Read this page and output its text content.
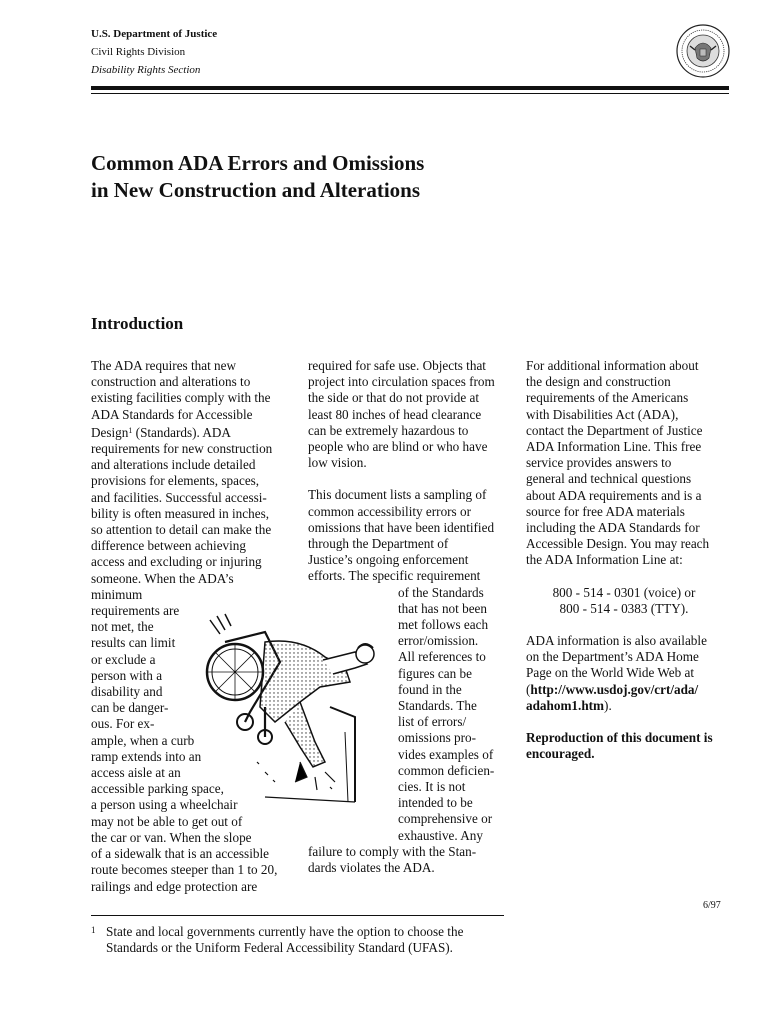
U.S. Department of Justice
Civil Rights Division
Disability Rights Section
Common ADA Errors and Omissions
in New Construction and Alterations
Introduction
The ADA requires that new
construction and alterations to
existing facilities comply with the
ADA Standards for Accessible
Design$^1$ (Standards). ADA
requirements for new construction
and alterations include detailed
provisions for elements, spaces,
and facilities. Successful accessi-
bility is often measured in inches,
so attention to detail can make the
difference between achieving
access and excluding or injuring
someone. When the ADA’s
minimum
requirements are
not met, the
results can limit
or exclude a
person with a
disability and
can be danger-
ous. For ex-
ample, when a curb
ramp extends into an
access aisle at an
accessible parking space,
a person using a wheelchair
may not be able to get out of
the car or van. When the slope
of a sidewalk that is an accessible
route becomes steeper than 1 to 20,
railings and edge protection are
required for safe use. Objects that
project into circulation spaces from
the side or that do not provide at
least 80 inches of head clearance
can be extremely hazardous to
people who are blind or who have
low vision.
This document lists a sampling of
common accessibility errors or
omissions that have been identified
through the Department of
Justice’s ongoing enforcement
efforts. The specific requirement
of the Standards
that has not been
met follows each
error/omission.
All references to
figures can be
found in the
Standards. The
list of errors/
omissions pro-
vides examples of
common deficien-
cies. It is not
intended to be
comprehensive or
exhaustive. Any
failure to comply with the Stan-
dards violates the ADA.
For additional information about
the design and construction
requirements of the Americans
with Disabilities Act (ADA),
contact the Department of Justice
ADA Information Line. This free
service provides answers to
general and technical questions
about ADA requirements and is a
source for free ADA materials
including the ADA Standards for
Accessible Design. You may reach
the ADA Information Line at:
800 - 514 - 0301 (voice) or
800 - 514 - 0383 (TTY).
ADA information is also available
on the Department’s ADA Home
Page on the World Wide Web at
(http://www.usdoj.gov/crt/ada/
adahom1.htm).
Reproduction of this document is
encouraged.
6/97
1 State and local governments currently have the option to choose the
Standards or the Uniform Federal Accessibility Standard (UFAS).
